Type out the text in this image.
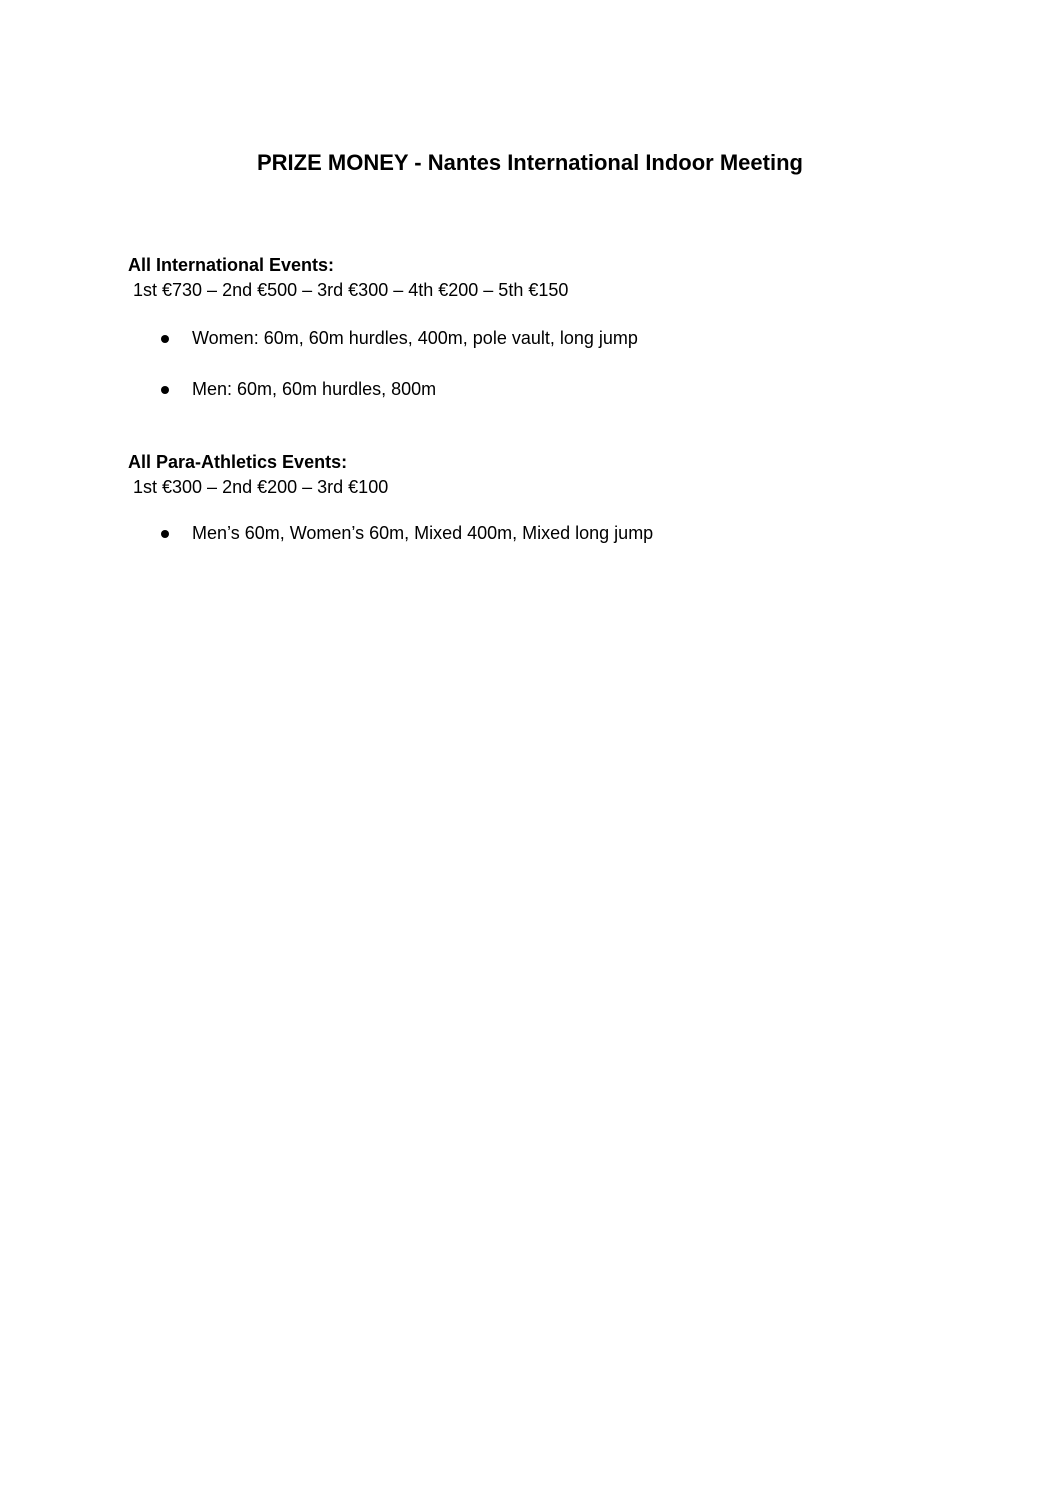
PRIZE MONEY - Nantes International Indoor Meeting

All International Events:

1st €730 – 2nd €500 – 3rd €300 – 4th €200 – 5th €150

Women: 60m, 60m hurdles, 400m, pole vault, long jump
Men: 60m, 60m hurdles, 800m

All Para-Athletics Events:

1st €300 – 2nd €200 – 3rd €100

Men’s 60m, Women’s 60m, Mixed 400m, Mixed long jump
